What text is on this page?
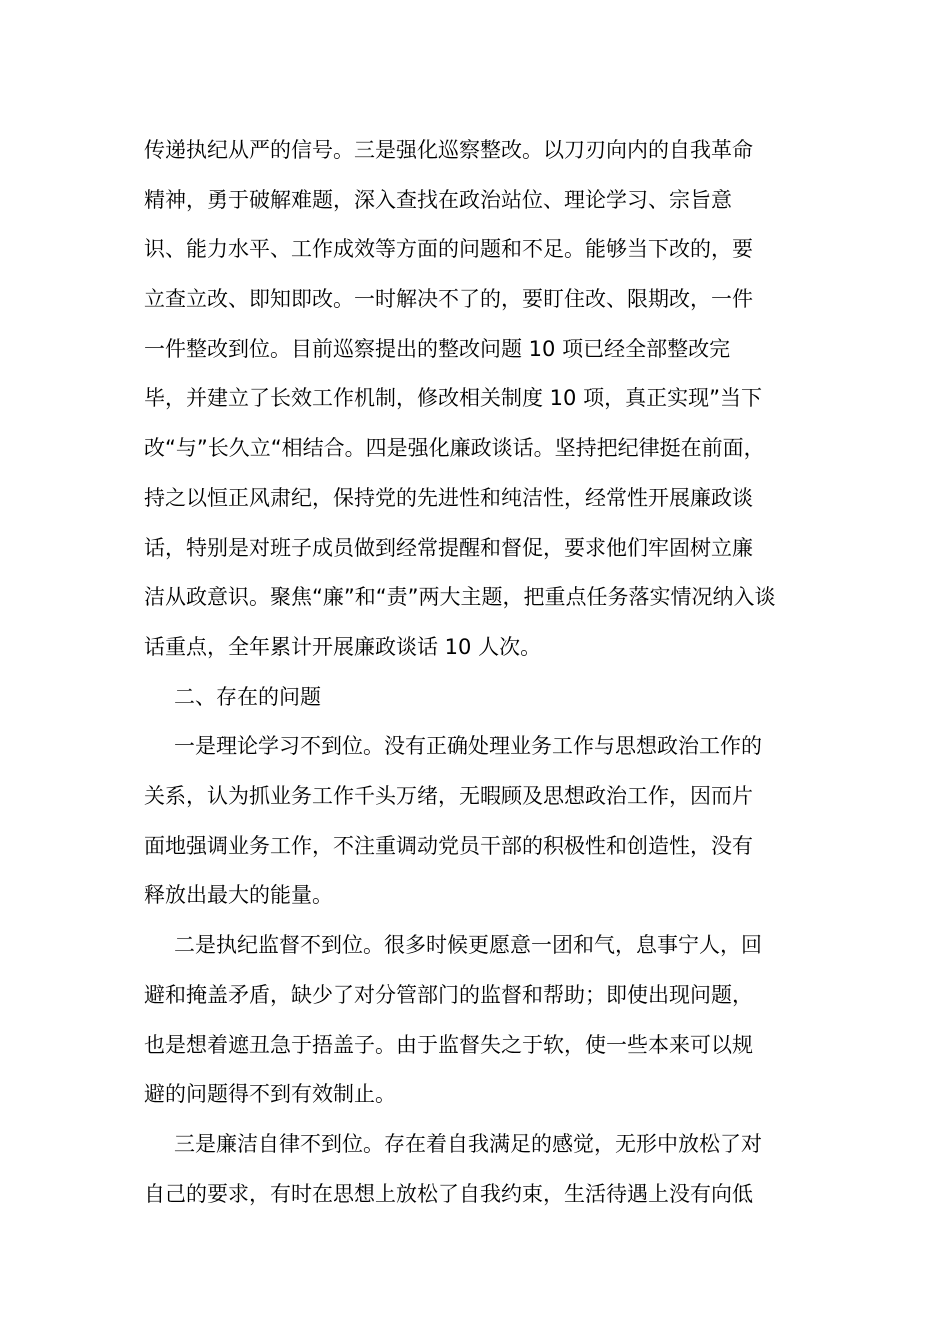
传递执纪从严的信号。三是强化巡察整改。以刀刃向内的自我革命
精神，勇于破解难题，深入查找在政治站位、理论学习、宗旨意
识、能力水平、工作成效等方面的问题和不足。能够当下改的，要
立查立改、即知即改。一时解决不了的，要盯住改、限期改，一件
一件整改到位。目前巡察提出的整改问题 10 项已经全部整改完
毕，并建立了长效工作机制，修改相关制度 10 项，真正实现”当下
改“与”长久立“相结合。四是强化廉政谈话。坚持把纪律挺在前面，
持之以恒正风肃纪，保持党的先进性和纯洁性，经常性开展廉政谈
话，特别是对班子成员做到经常提醒和督促，要求他们牢固树立廉
洁从政意识。聚焦“廉”和“责”两大主题，把重点任务落实情况纳入谈
话重点，全年累计开展廉政谈话 10 人次。
二、存在的问题
一是理论学习不到位。没有正确处理业务工作与思想政治工作的
关系，认为抓业务工作千头万绪，无暇顾及思想政治工作，因而片
面地强调业务工作，不注重调动党员干部的积极性和创造性，没有
释放出最大的能量。
二是执纪监督不到位。很多时候更愿意一团和气，息事宁人，回
避和掩盖矛盾，缺少了对分管部门的监督和帮助；即使出现问题，
也是想着遮丑急于捂盖子。由于监督失之于软，使一些本来可以规
避的问题得不到有效制止。
三是廉洁自律不到位。存在着自我满足的感觉，无形中放松了对
自己的要求，有时在思想上放松了自我约束，生活待遇上没有向低
